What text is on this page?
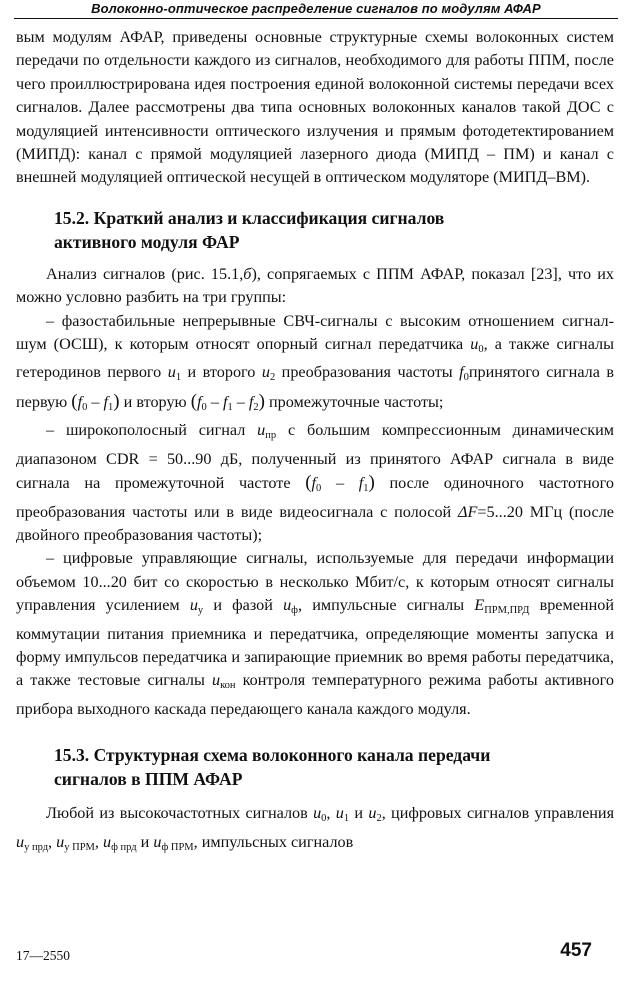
Волоконно-оптическое распределение сигналов по модулям АФАР

вым модулям АФАР, приведены основные структурные схемы волоконных систем передачи по отдельности каждого из сигналов, необходимого для работы ППМ, после чего проиллюстрирована идея построения единой волоконной системы передачи всех сигналов. Далее рассмотрены два типа основных волоконных каналов такой ДОС с модуляцией интенсивности оптического излучения и прямым фотодетектированием (МИПД): канал с прямой модуляцией лазерного диода (МИПД – ПМ) и канал с внешней модуляцией оптической несущей в оптическом модуляторе (МИПД–ВМ).

15.2. Краткий анализ и классификация сигналов
активного модуля ФАР

Анализ сигналов (рис. 15.1,б), сопрягаемых с ППМ АФАР, показал [23], что их можно условно разбить на три группы:

– фазостабильные непрерывные СВЧ-сигналы с высоким отношением сигнал-шум (ОСШ), к которым относят опорный сигнал передатчика $u_0$, а также сигналы гетеродинов первого $u_1$ и второго $u_2$ преобразования частоты $f_0принятого$ сигнала в первую $(f_0 - f_1)$ и вторую $(f_0 - f_1 - f_2)$ промежуточные частоты;

– широкополосный сигнал $u_{пр}$ с большим компрессионным динамическим диапазоном CDR = 50...90 дБ, полученный из принятого АФАР сигнала в виде сигнала на промежуточной частоте $(f_0 - f_1)$ после одиночного частотного преобразования частоты или в виде видеосигнала с полосой ΔF=5...20 МГц (после двойного преобразования частоты);

– цифровые управляющие сигналы, используемые для передачи информации объемом 10...20 бит со скоростью в несколько Мбит/с, к которым относят сигналы управления усилением $u_у$ и фазой $u_ф$, импульсные сигналы $E_{ПРМ,ПРД}$ временной коммутации питания приемника и передатчика, определяющие моменты запуска и форму импульсов передатчика и запирающие приемник во время работы передатчика, а также тестовые сигналы $u_{кон}$ контроля температурного режима работы активного прибора выходного каскада передающего канала каждого модуля.

15.3. Структурная схема волоконного канала передачи
сигналов в ППМ АФАР

Любой из высокочастотных сигналов $u_0$, $u_1$ и $u_2$, цифровых сигналов управления $u_{у прд}$, $u_{у ПРМ}$, $u_{ф прд}$ и $u_{ф ПРМ}$, импульсных сигналов

17—2550	457
